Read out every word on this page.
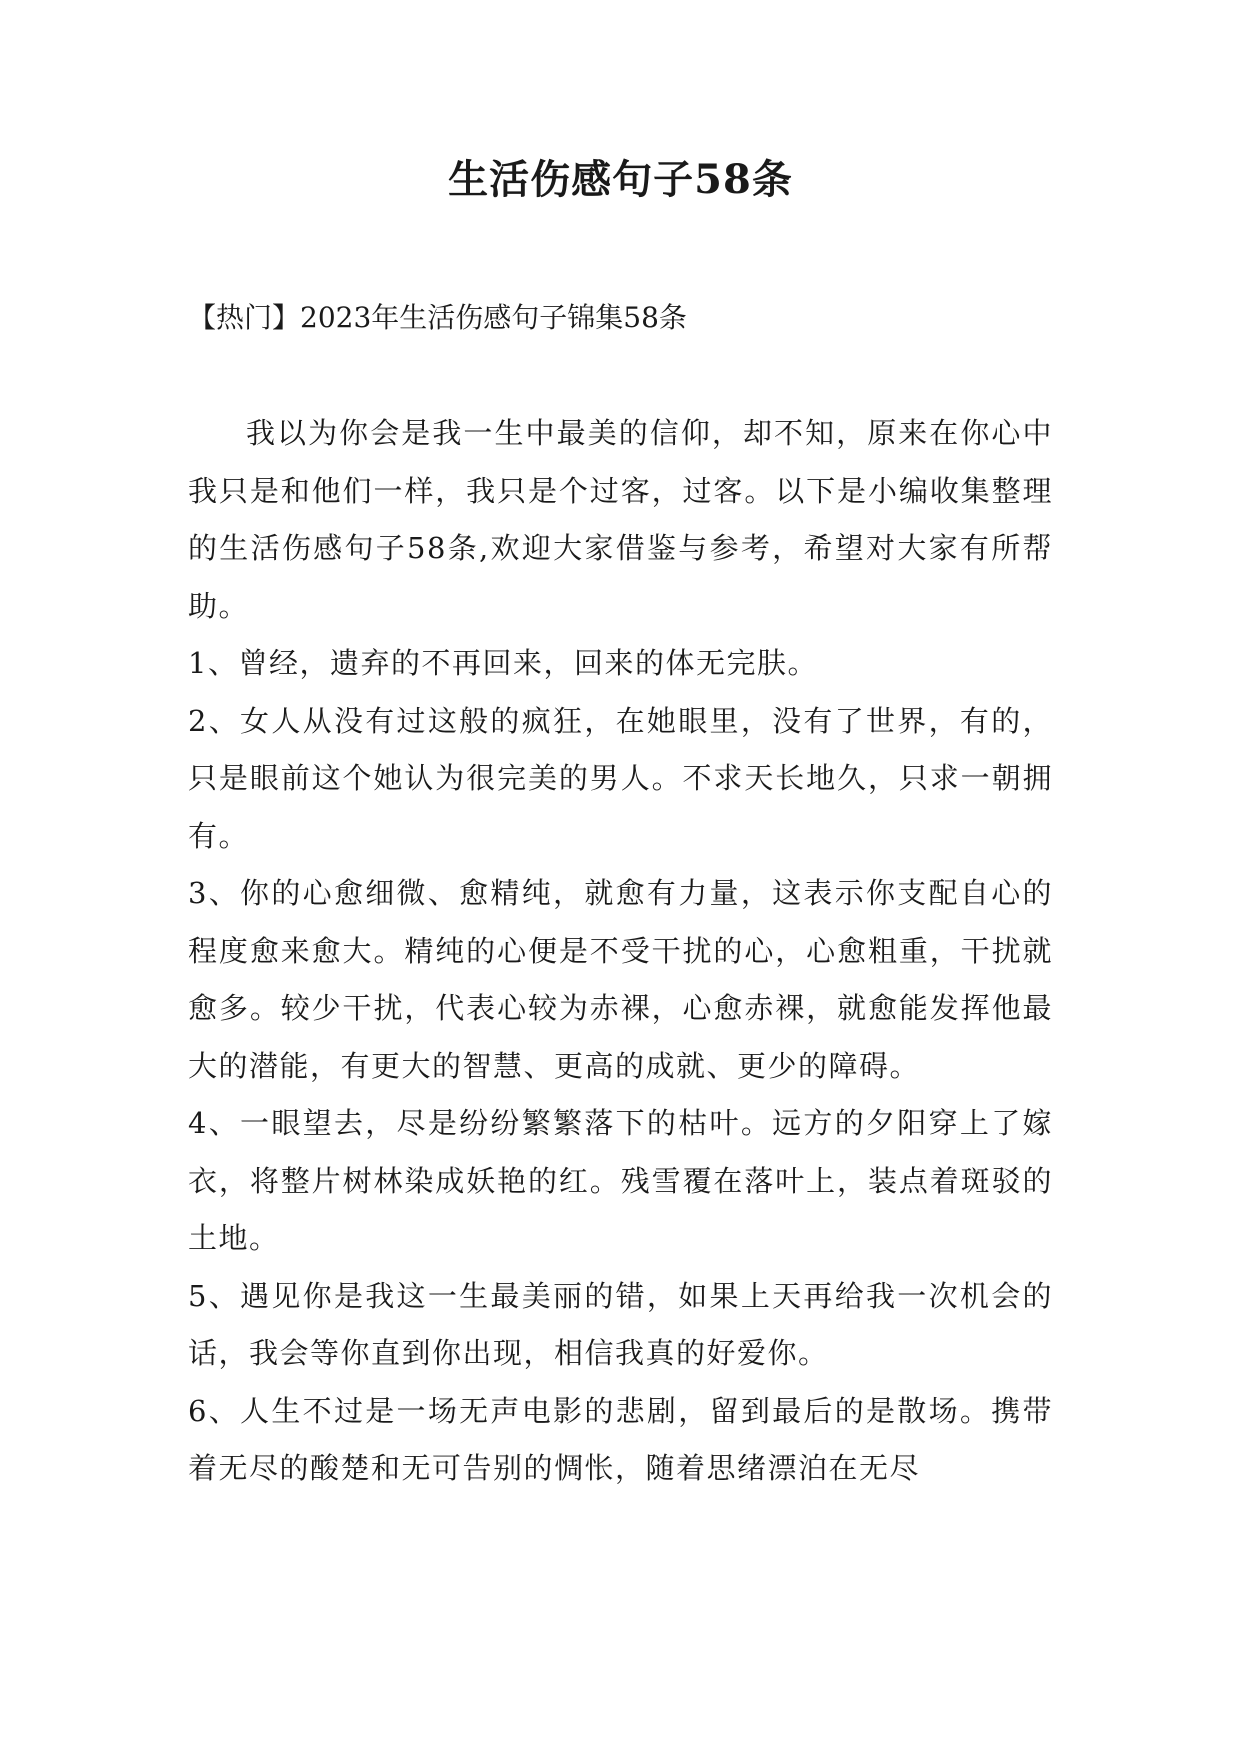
生活伤感句子58条
【热门】2023年生活伤感句子锦集58条

我以为你会是我一生中最美的信仰，却不知，原来在你心中我只是和他们一样，我只是个过客，过客。以下是小编收集整理的生活伤感句子58条,欢迎大家借鉴与参考，希望对大家有所帮助。

1、曾经，遗弃的不再回来，回来的体无完肤。

2、女人从没有过这般的疯狂，在她眼里，没有了世界，有的，只是眼前这个她认为很完美的男人。不求天长地久，只求一朝拥有。

3、你的心愈细微、愈精纯，就愈有力量，这表示你支配自心的程度愈来愈大。精纯的心便是不受干扰的心，心愈粗重，干扰就愈多。较少干扰，代表心较为赤裸，心愈赤裸，就愈能发挥他最大的潜能，有更大的智慧、更高的成就、更少的障碍。

4、一眼望去，尽是纷纷繁繁落下的枯叶。远方的夕阳穿上了嫁衣，将整片树林染成妖艳的红。残雪覆在落叶上，装点着斑驳的土地。

5、遇见你是我这一生最美丽的错，如果上天再给我一次机会的话，我会等你直到你出现，相信我真的好爱你。

6、人生不过是一场无声电影的悲剧，留到最后的是散场。携带着无尽的酸楚和无可告别的惆怅，随着思绪漂泊在无尽
